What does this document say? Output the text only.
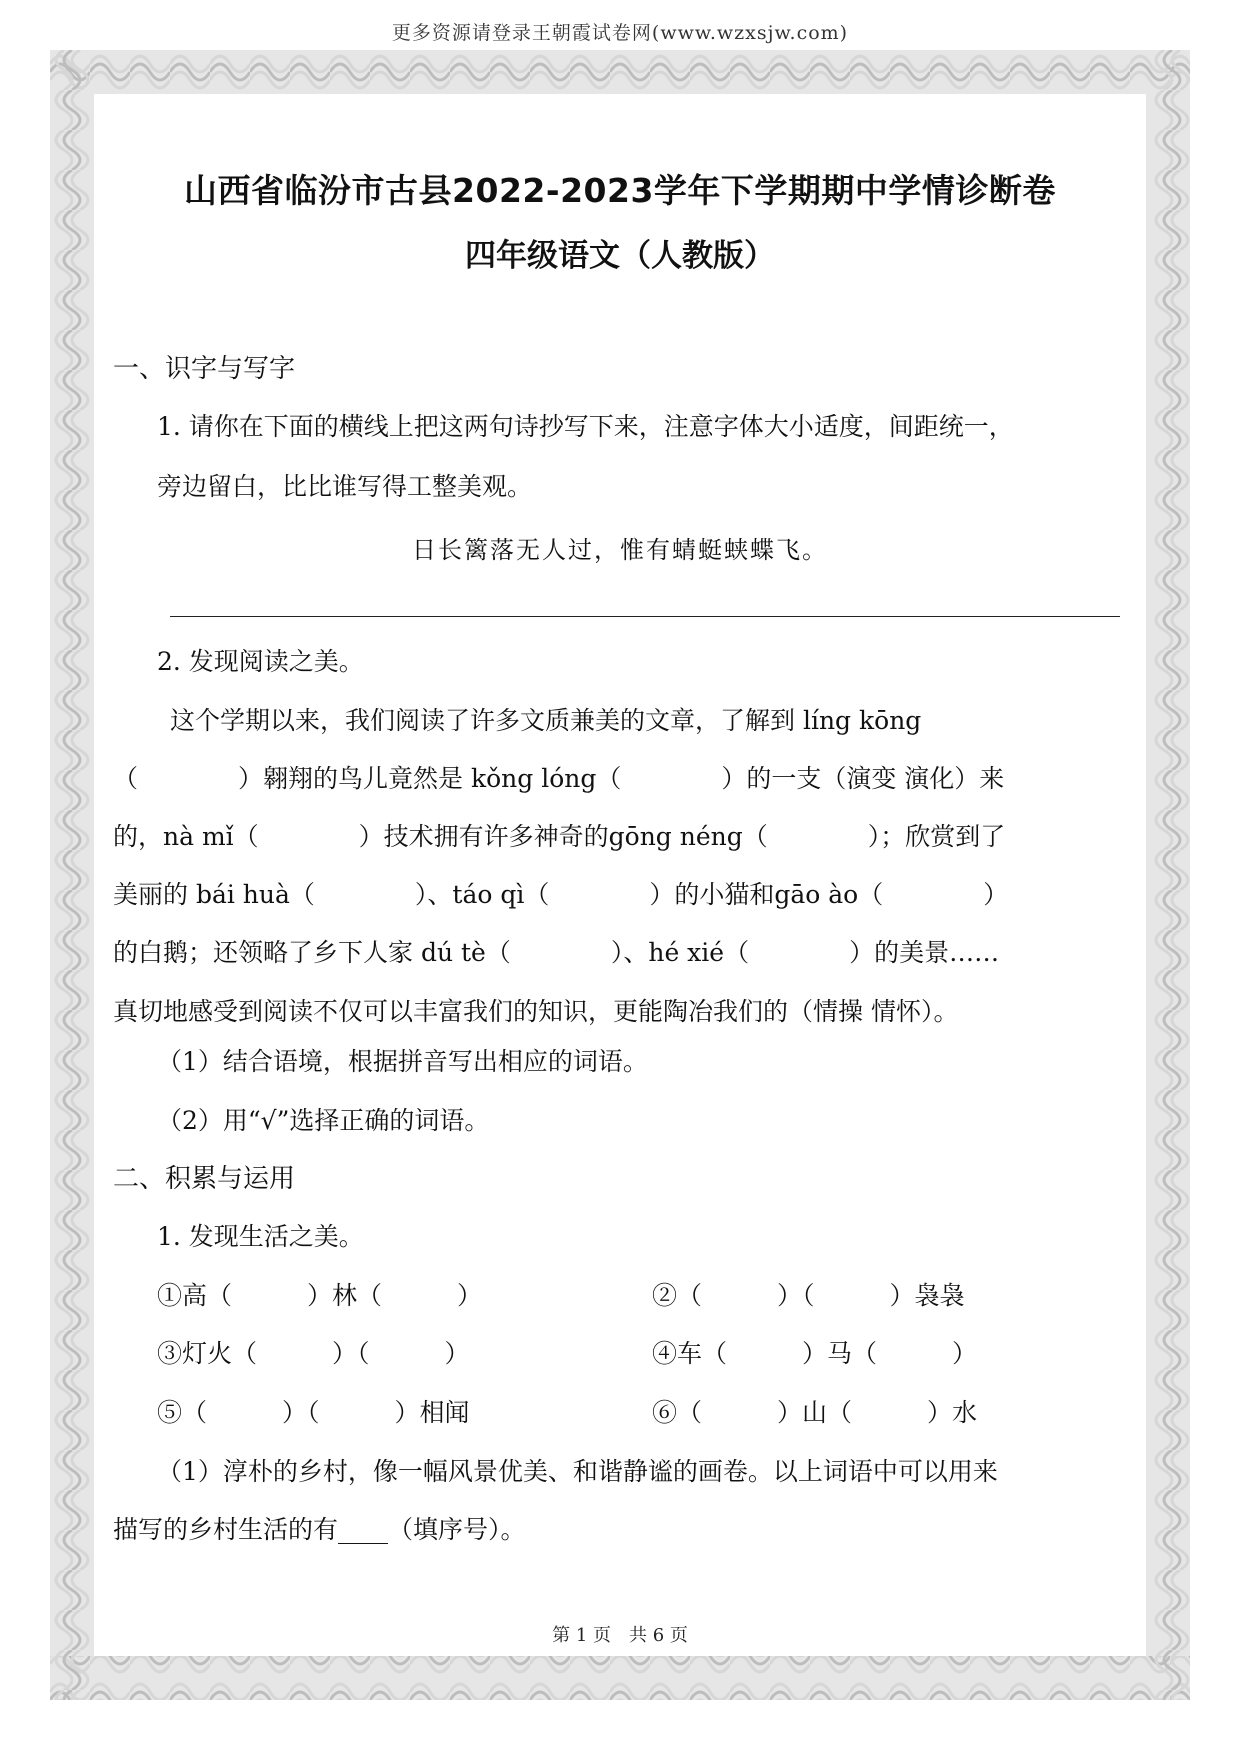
更多资源请登录王朝霞试卷网(www.wzxsjw.com)
山西省临汾市古县2022-2023学年下学期期中学情诊断卷
四年级语文（人教版）
一、识字与写字
1. 请你在下面的横线上把这两句诗抄写下来，注意字体大小适度，间距统一，
旁边留白，比比谁写得工整美观。
日长篱落无人过，惟有蜻蜓蛱蝶飞。
2. 发现阅读之美。
这个学期以来，我们阅读了许多文质兼美的文章，了解到 líng kōng
（　　　　）翱翔的鸟儿竟然是 kǒng lóng（　　　　）的一支（演变 演化）来
的，nà mǐ（　　　　）技术拥有许多神奇的gōng néng（　　　　）；欣赏到了
美丽的 bái huà（　　　　）、táo qì（　　　　）的小猫和gāo ào（　　　　）
的白鹅；还领略了乡下人家 dú tè（　　　　）、hé xié（　　　　）的美景……
真切地感受到阅读不仅可以丰富我们的知识，更能陶冶我们的（情操 情怀）。
（1）结合语境，根据拼音写出相应的词语。
（2）用“√”选择正确的词语。
二、积累与运用
1. 发现生活之美。
①高（　　　）林（　　　）	②（　　　）（　　　）袅袅
③灯火（　　　）（　　　）	④车（　　　）马（　　　）
⑤（　　　）（　　　）相闻	⑥（　　　）山（　　　）水
（1）淳朴的乡村，像一幅风景优美、和谐静谧的画卷。以上词语中可以用来
描写的乡村生活的有____（填序号）。
第 1 页　共 6 页
